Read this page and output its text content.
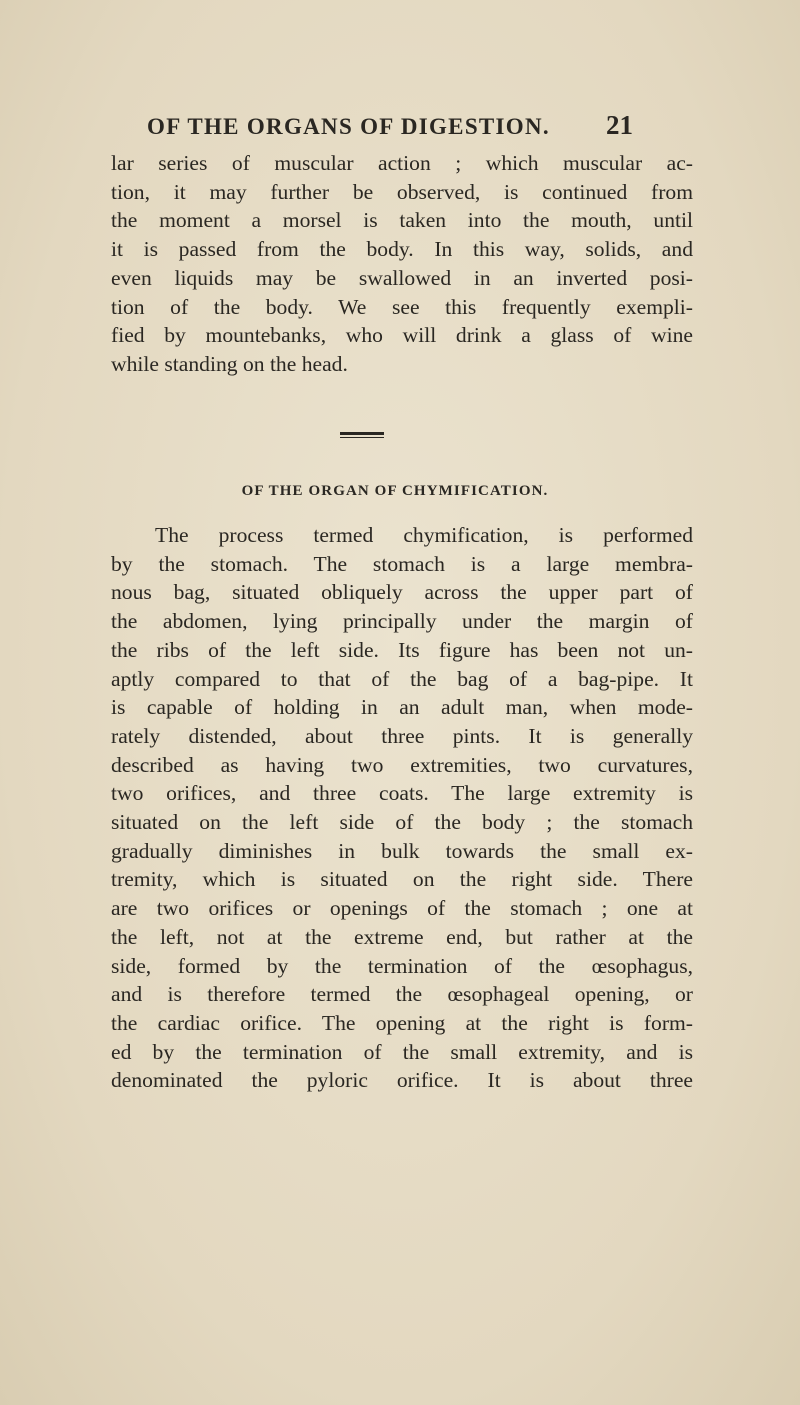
OF THE ORGANS OF DIGESTION. 21
lar series of muscular action ; which muscular ac-
tion, it may further be observed, is continued from
the moment a morsel is taken into the mouth, until
it is passed from the body. In this way, solids, and
even liquids may be swallowed in an inverted posi-
tion of the body. We see this frequently exempli-
fied by mountebanks, who will drink a glass of wine
while standing on the head.
OF THE ORGAN OF CHYMIFICATION.
The process termed chymification, is performed
by the stomach. The stomach is a large membra-
nous bag, situated obliquely across the upper part of
the abdomen, lying principally under the margin of
the ribs of the left side. Its figure has been not un-
aptly compared to that of the bag of a bag-pipe. It
is capable of holding in an adult man, when mode-
rately distended, about three pints. It is generally
described as having two extremities, two curvatures,
two orifices, and three coats. The large extremity is
situated on the left side of the body ; the stomach
gradually diminishes in bulk towards the small ex-
tremity, which is situated on the right side. There
are two orifices or openings of the stomach ; one at
the left, not at the extreme end, but rather at the
side, formed by the termination of the œsophagus,
and is therefore termed the œsophageal opening, or
the cardiac orifice. The opening at the right is form-
ed by the termination of the small extremity, and is
denominated the pyloric orifice. It is about three
